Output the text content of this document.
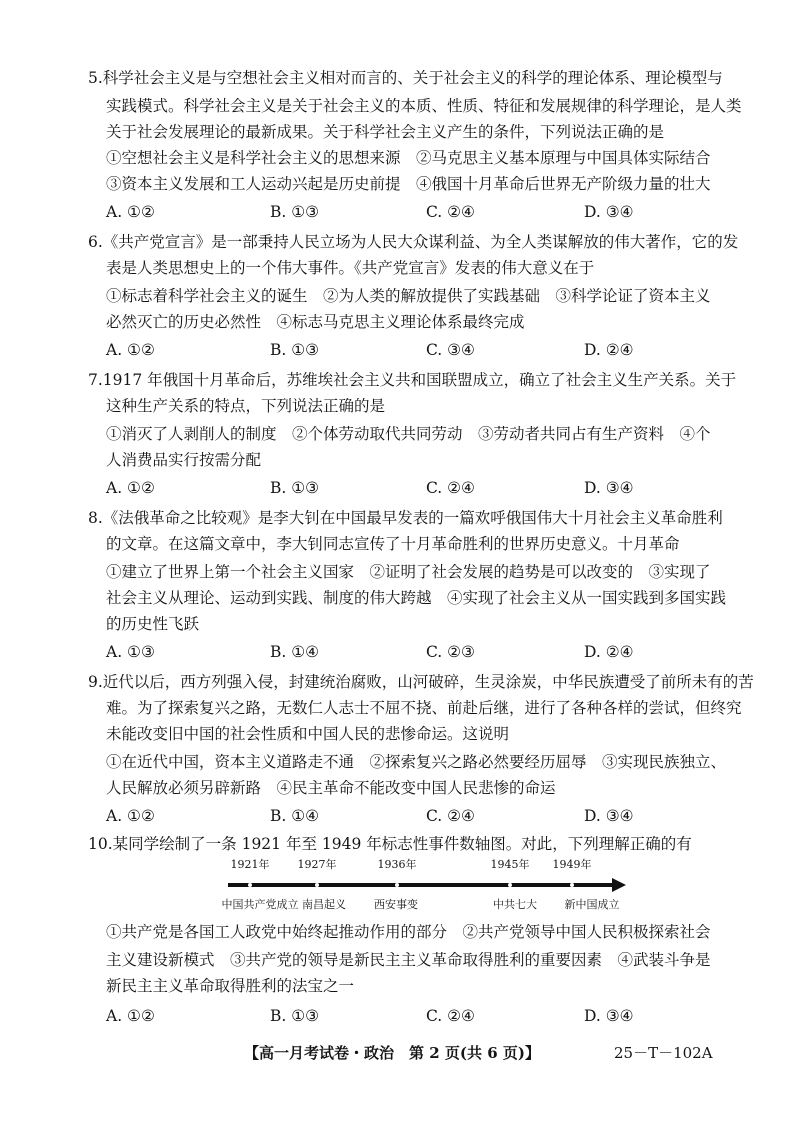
5.科学社会主义是与空想社会主义相对而言的、关于社会主义的科学的理论体系、理论模型与
实践模式。科学社会主义是关于社会主义的本质、性质、特征和发展规律的科学理论，是人类
关于社会发展理论的最新成果。关于科学社会主义产生的条件，下列说法正确的是
①空想社会主义是科学社会主义的思想来源　②马克思主义基本原理与中国具体实际结合
③资本主义发展和工人运动兴起是历史前提　④俄国十月革命后世界无产阶级力量的壮大
A. ①②	B. ①③	C. ②④	D. ③④
6.《共产党宣言》是一部秉持人民立场为人民大众谋利益、为全人类谋解放的伟大著作，它的发
表是人类思想史上的一个伟大事件。《共产党宣言》发表的伟大意义在于
①标志着科学社会主义的诞生　②为人类的解放提供了实践基础　③科学论证了资本主义
必然灭亡的历史必然性　④标志马克思主义理论体系最终完成
A. ①②	B. ①③	C. ③④	D. ②④
7.1917 年俄国十月革命后，苏维埃社会主义共和国联盟成立，确立了社会主义生产关系。关于
这种生产关系的特点，下列说法正确的是
①消灭了人剥削人的制度　②个体劳动取代共同劳动　③劳动者共同占有生产资料　④个
人消费品实行按需分配
A. ①②	B. ①③	C. ②④	D. ③④
8.《法俄革命之比较观》是李大钊在中国最早发表的一篇欢呼俄国伟大十月社会主义革命胜利
的文章。在这篇文章中，李大钊同志宣传了十月革命胜利的世界历史意义。十月革命
①建立了世界上第一个社会主义国家　②证明了社会发展的趋势是可以改变的　③实现了
社会主义从理论、运动到实践、制度的伟大跨越　④实现了社会主义从一国实践到多国实践
的历史性飞跃
A. ①③	B. ①④	C. ②③	D. ②④
9.近代以后，西方列强入侵，封建统治腐败，山河破碎，生灵涂炭，中华民族遭受了前所未有的苦
难。为了探索复兴之路，无数仁人志士不屈不挠、前赴后继，进行了各种各样的尝试，但终究
未能改变旧中国的社会性质和中国人民的悲惨命运。这说明
①在近代中国，资本主义道路走不通　②探索复兴之路必然要经历屈辱　③实现民族独立、
人民解放必须另辟新路　④民主革命不能改变中国人民悲惨的命运
A. ①②	B. ①④	C. ②④	D. ③④
10.某同学绘制了一条 1921 年至 1949 年标志性事件数轴图。对此，下列理解正确的有
1921年	1927年	1936年	1945年 1949年
中国共产党成立 南昌起义	西安事变	中共七大	新中国成立
①共产党是各国工人政党中始终起推动作用的部分　②共产党领导中国人民积极探索社会
主义建设新模式　③共产党的领导是新民主主义革命取得胜利的重要因素　④武装斗争是
新民主主义革命取得胜利的法宝之一
A. ①②	B. ①③	C. ②④	D. ③④
【高一月考试卷・政治　第 2 页(共 6 页)】	25－T－102A
